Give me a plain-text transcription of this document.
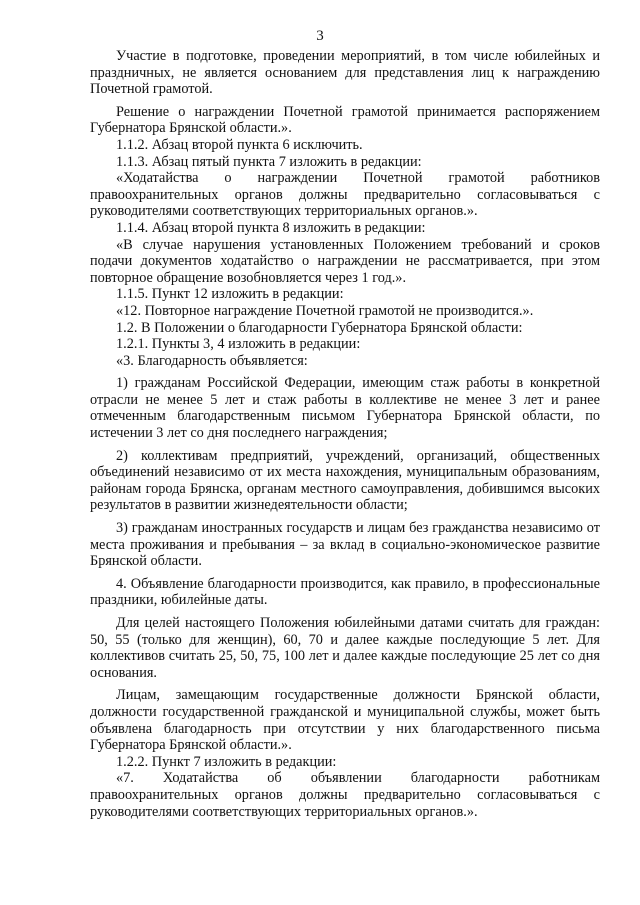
3

Участие в подготовке, проведении мероприятий, в том числе юбилейных и праздничных, не является основанием для представления лиц к награждению Почетной грамотой.

Решение о награждении Почетной грамотой принимается распоряжением Губернатора Брянской области.».

1.1.2. Абзац второй пункта 6 исключить.

1.1.3. Абзац пятый пункта 7 изложить в редакции:

«Ходатайства о награждении Почетной грамотой работников правоохранительных органов должны предварительно согласовываться с руководителями соответствующих территориальных органов.».

1.1.4. Абзац второй пункта 8 изложить в редакции:

«В случае нарушения установленных Положением требований и сроков подачи документов ходатайство о награждении не рассматривается, при этом повторное обращение возобновляется через 1 год.».

1.1.5. Пункт 12 изложить в редакции:

«12. Повторное награждение Почетной грамотой не производится.».

1.2. В Положении о благодарности Губернатора Брянской области:

1.2.1. Пункты 3, 4 изложить в редакции:

«3. Благодарность объявляется:

1) гражданам Российской Федерации, имеющим стаж работы в конкретной отрасли не менее 5 лет и стаж работы в коллективе не менее 3 лет и ранее отмеченным благодарственным письмом Губернатора Брянской области, по истечении 3 лет со дня последнего награждения;

2) коллективам предприятий, учреждений, организаций, общественных объединений независимо от их места нахождения, муниципальным образованиям, районам города Брянска, органам местного самоуправления, добившимся высоких результатов в развитии жизнедеятельности области;

3) гражданам иностранных государств и лицам без гражданства независимо от места проживания и пребывания – за вклад в социально-экономическое развитие Брянской области.

4. Объявление благодарности производится, как правило, в профессиональные праздники, юбилейные даты.

Для целей настоящего Положения юбилейными датами считать для граждан: 50, 55 (только для женщин), 60, 70 и далее каждые последующие 5 лет. Для коллективов считать 25, 50, 75, 100 лет и далее каждые последующие 25 лет со дня основания.

Лицам, замещающим государственные должности Брянской области, должности государственной гражданской и муниципальной службы, может быть объявлена благодарность при отсутствии у них благодарственного письма Губернатора Брянской области.».

1.2.2. Пункт 7 изложить в редакции:

«7. Ходатайства об объявлении благодарности работникам правоохранительных органов должны предварительно согласовываться с руководителями соответствующих территориальных органов.».
